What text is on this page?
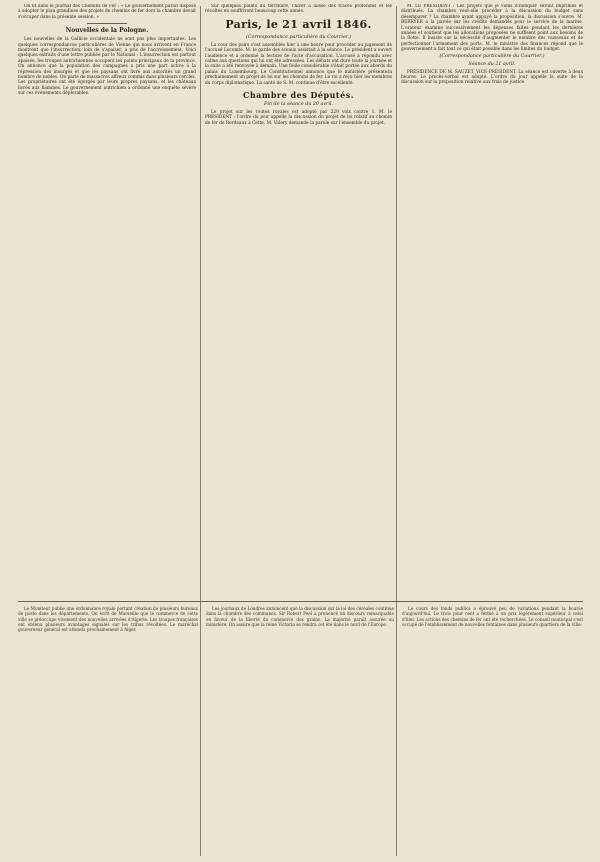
On lit dans le Journal des Chemins de Fer : « Le gouvernement paraît disposé à adopter le plan grandiose des projets de chemins de fer dont la chambre devait s'occuper dans la présente session. »

Nouvelles de la Pologne.

Les nouvelles de la Gallicie occidentale ne sont pas plus importantes. Les quelques correspondances particulières de Vienne qui nous arrivent en France montrent que l'insurrection, loin de s'apaiser, a pris de l'accroissement. Voici quelques extraits d'une lettre publiée par le National : L'insurrection est partout apaisée, les troupes autrichiennes occupent les points principaux de la province. On annonce que la population des campagnes a pris une part active à la répression des insurgés et que les paysans ont livré aux autorités un grand nombre de nobles. On parle de massacres affreux commis dans plusieurs cercles. Les propriétaires ont été égorgés par leurs propres paysans, et les châteaux livrés aux flammes. Le gouvernement autrichien a ordonné une enquête sévère sur ces événements déplorables.

Sur quelques points du territoire, l'hiver a laissé des traces profondes et les récoltes en souffriront beaucoup cette année.

Paris, le 21 avril 1846.
(Correspondance particulière du Courrier.)

La cour des pairs s'est assemblée hier à une heure pour procéder au jugement de l'accusé Lecomte. M. le garde des sceaux assistait à la séance. Le président a ouvert l'audience et a ordonné la lecture de l'acte d'accusation. L'accusé a répondu avec calme aux questions qui lui ont été adressées. Les débats ont duré toute la journée et la suite a été renvoyée à demain. Une foule considérable s'était portée aux abords du palais du Luxembourg. Le Constitutionnel annonce que le ministère présentera prochainement un projet de loi sur les chemins de fer. Le roi a reçu hier les membres du corps diplomatique. La santé de S. M. continue d'être excellente.

Chambre des Députés.
Fin de la séance du 20 avril.

Le projet sur les routes royales est adopté par 229 voix contre 1. M. le PRÉSIDENT : l'ordre du jour appelle la discussion du projet de loi relatif au chemin de fer de Bordeaux à Cette. M. Valery demande la parole sur l'ensemble du projet.

M. LE PRÉSIDENT : Les projets que je viens d'indiquer seront imprimés et distribués. La chambre veut-elle procéder à la discussion du budget sans désemparer ? La chambre ayant appuyé la proposition, la discussion s'ouvre. M. BERRYER a la parole sur les crédits demandés pour le service de la marine. L'orateur examine successivement les dépenses faites pendant les dernières années et soutient que les allocations proposées ne suffisent point aux besoins de la flotte. Il insiste sur la nécessité d'augmenter le nombre des vaisseaux et de perfectionner l'armement des ports. M. le ministre des finances répond que le gouvernement a fait tout ce qui était possible dans les limites du budget.

(Correspondance particulière du Courrier.)
Séance du 21 avril.

PRÉSIDENCE DE M. SAUZET, VICE-PRÉSIDENT. La séance est ouverte à deux heures. Le procès-verbal est adopté. L'ordre du jour appelle la suite de la discussion sur la proposition relative aux frais de justice.

Le Moniteur publie une ordonnance royale portant création de plusieurs bureaux de poste dans les départements. On écrit de Marseille que le commerce de cette ville se préoccupe vivement des nouvelles arrivées d'Algérie. Les troupes françaises ont obtenu plusieurs avantages signalés sur les tribus révoltées. Le maréchal gouverneur général est attendu prochainement à Alger.

Les journaux de Londres annoncent que la discussion sur la loi des céréales continue dans la chambre des communes. Sir Robert Peel a prononcé un discours remarquable en faveur de la liberté du commerce des grains. La majorité paraît assurée au ministère. On assure que la reine Victoria se rendra cet été dans le nord de l'Europe.

Le cours des fonds publics a éprouvé peu de variations pendant la bourse d'aujourd'hui. Le trois pour cent a fermé à un prix légèrement supérieur à celui d'hier. Les actions des chemins de fer ont été recherchées. Le conseil municipal s'est occupé de l'établissement de nouvelles fontaines dans plusieurs quartiers de la ville.
